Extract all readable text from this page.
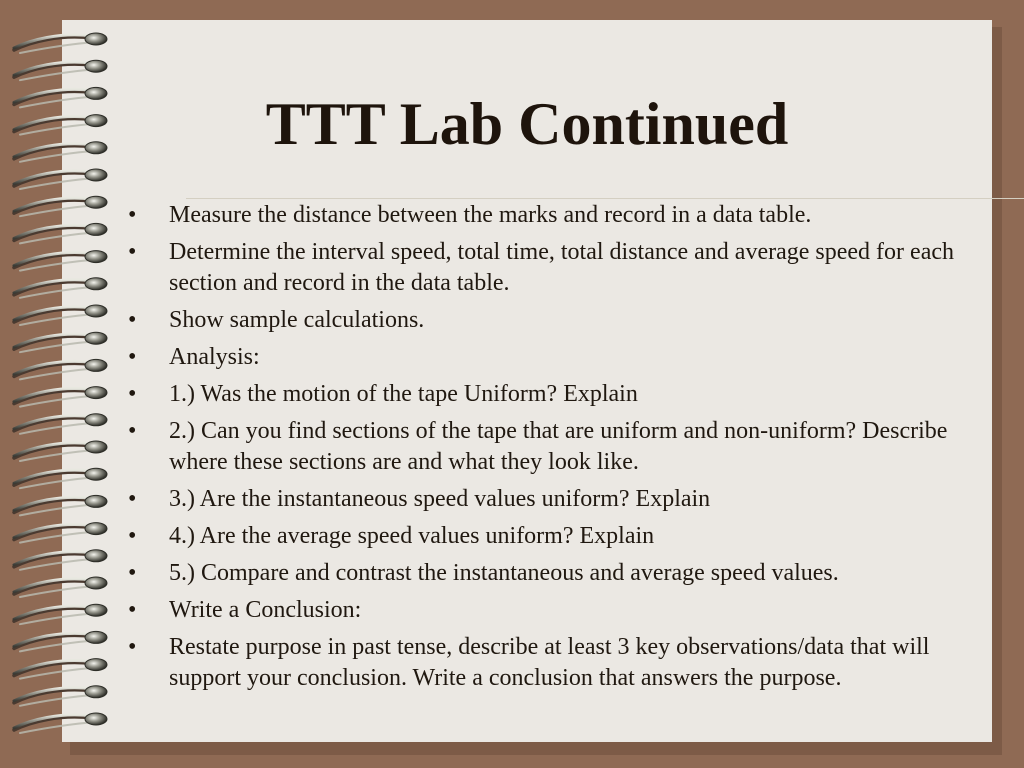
TTT Lab Continued
• Measure the distance between the marks and record in a data table.
• Determine the interval speed, total time, total distance and average speed for each section and record in the data table.
• Show sample calculations.
• Analysis:
• 1.) Was the motion of the tape Uniform? Explain
• 2.) Can you find sections of the tape that are uniform and non-uniform? Describe where these sections are and what they look like.
• 3.) Are the instantaneous speed values uniform? Explain
• 4.) Are the average speed values uniform? Explain
• 5.) Compare and contrast the instantaneous and average speed values.
• Write a Conclusion:
• Restate purpose in past tense, describe at least 3 key observations/data that will support your conclusion. Write a conclusion that answers the purpose.
